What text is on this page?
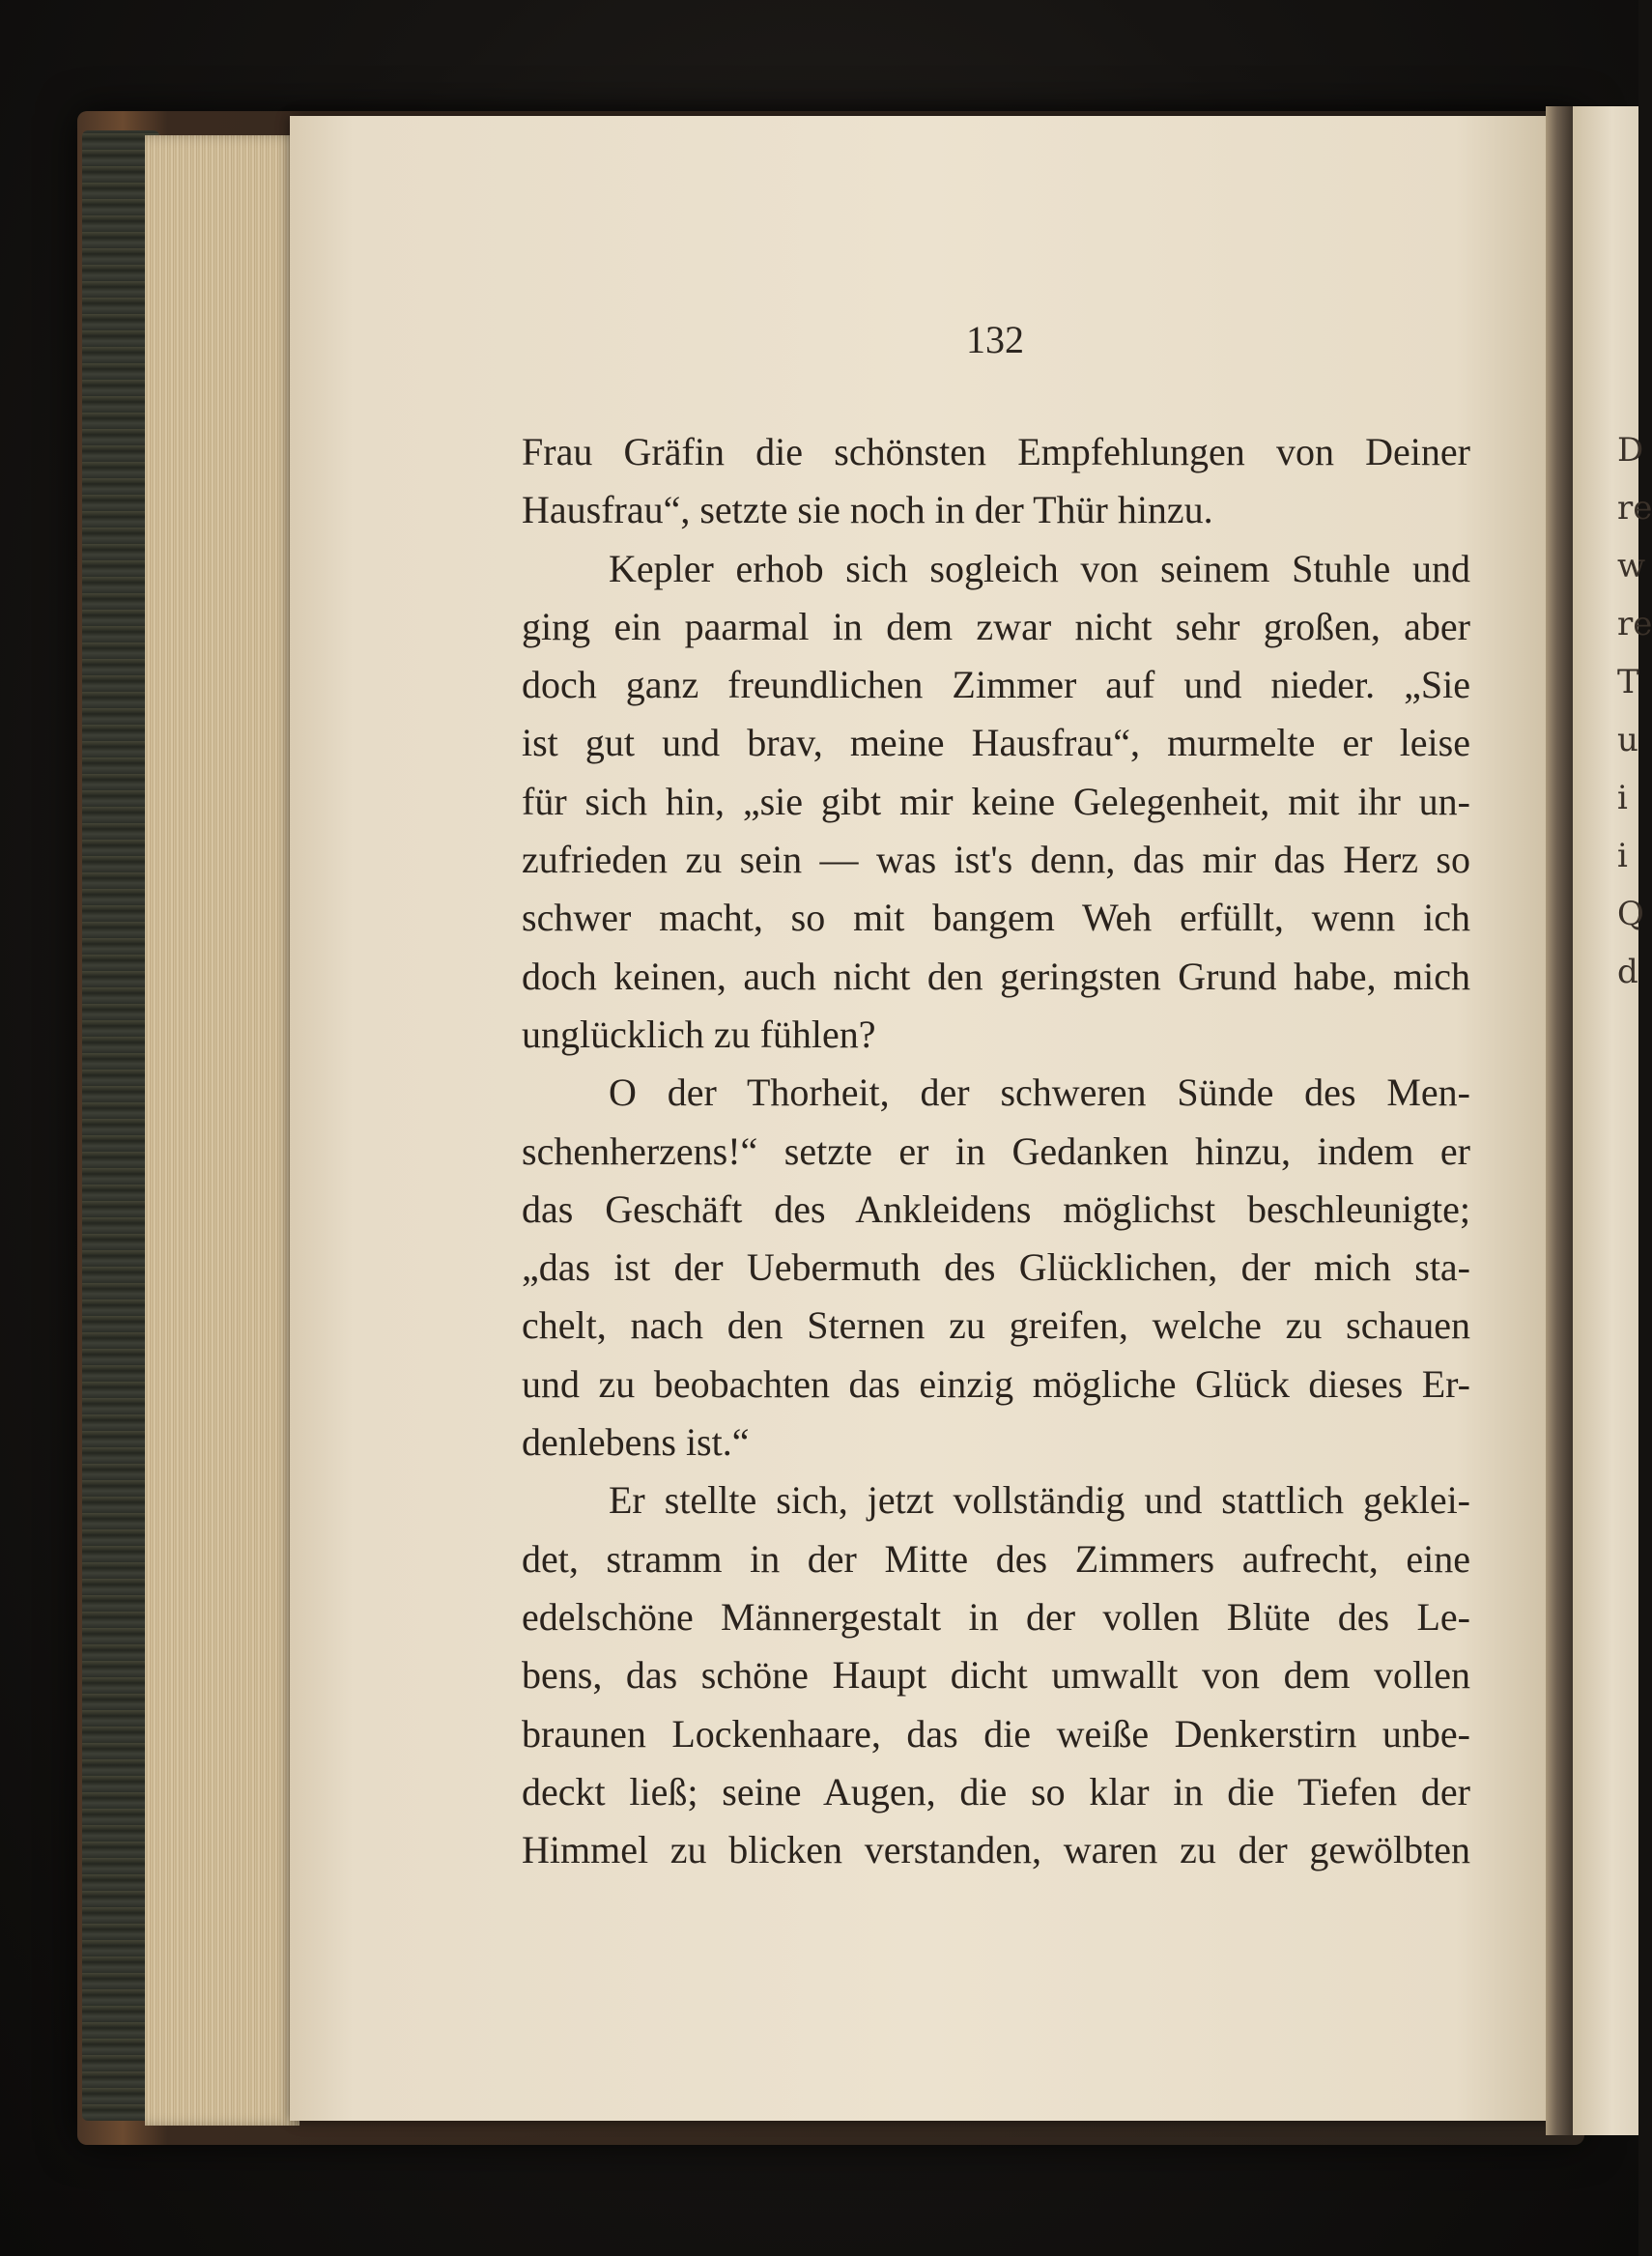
D
re
w
re
T
u
i
i
Q
d
132
Frau Gräfin die schönsten Empfehlungen von Deiner
Hausfrau“, setzte sie noch in der Thür hinzu.
Kepler erhob sich sogleich von seinem Stuhle und
ging ein paarmal in dem zwar nicht sehr großen, aber
doch ganz freundlichen Zimmer auf und nieder. „Sie
ist gut und brav, meine Hausfrau“, murmelte er leise
für sich hin, „sie gibt mir keine Gelegenheit, mit ihr un-
zufrieden zu sein — was ist's denn, das mir das Herz so
schwer macht, so mit bangem Weh erfüllt, wenn ich
doch keinen, auch nicht den geringsten Grund habe, mich
unglücklich zu fühlen?
O der Thorheit, der schweren Sünde des Men-
schenherzens!“ setzte er in Gedanken hinzu, indem er
das Geschäft des Ankleidens möglichst beschleunigte;
„das ist der Uebermuth des Glücklichen, der mich sta-
chelt, nach den Sternen zu greifen, welche zu schauen
und zu beobachten das einzig mögliche Glück dieses Er-
denlebens ist.“
Er stellte sich, jetzt vollständig und stattlich geklei-
det, stramm in der Mitte des Zimmers aufrecht, eine
edelschöne Männergestalt in der vollen Blüte des Le-
bens, das schöne Haupt dicht umwallt von dem vollen
braunen Lockenhaare, das die weiße Denkerstirn unbe-
deckt ließ; seine Augen, die so klar in die Tiefen der
Himmel zu blicken verstanden, waren zu der gewölbten
